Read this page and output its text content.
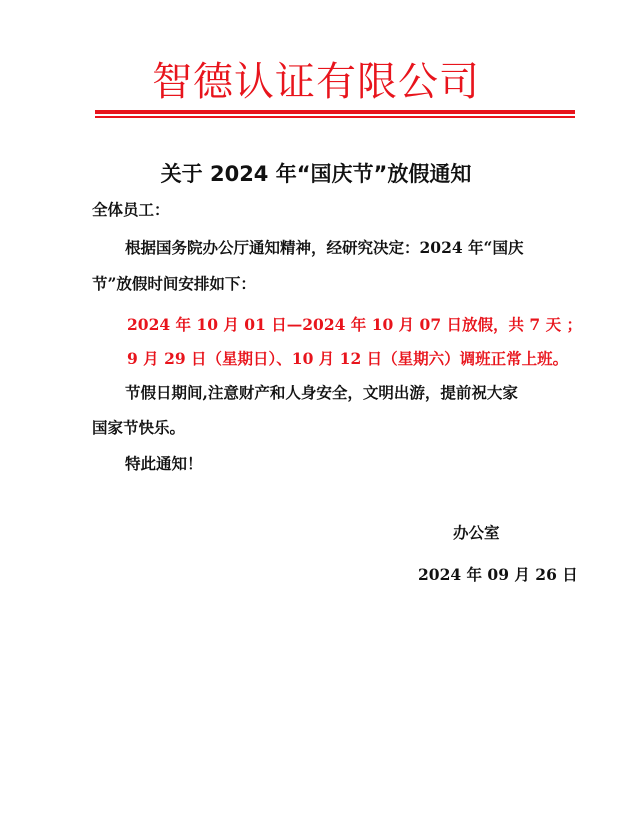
智德认证有限公司
关于 2024 年“国庆节”放假通知
全体员工：
根据国务院办公厅通知精神，经研究决定：2024 年“国庆
节”放假时间安排如下：
2024 年 10 月 01 日—2024 年 10 月 07 日放假，共 7 天 ；
9 月 29 日（星期日）、10 月 12 日（星期六）调班正常上班。
节假日期间,注意财产和人身安全，文明出游，提前祝大家
国家节快乐。
特此通知！
办公室
2024 年 09 月 26 日
